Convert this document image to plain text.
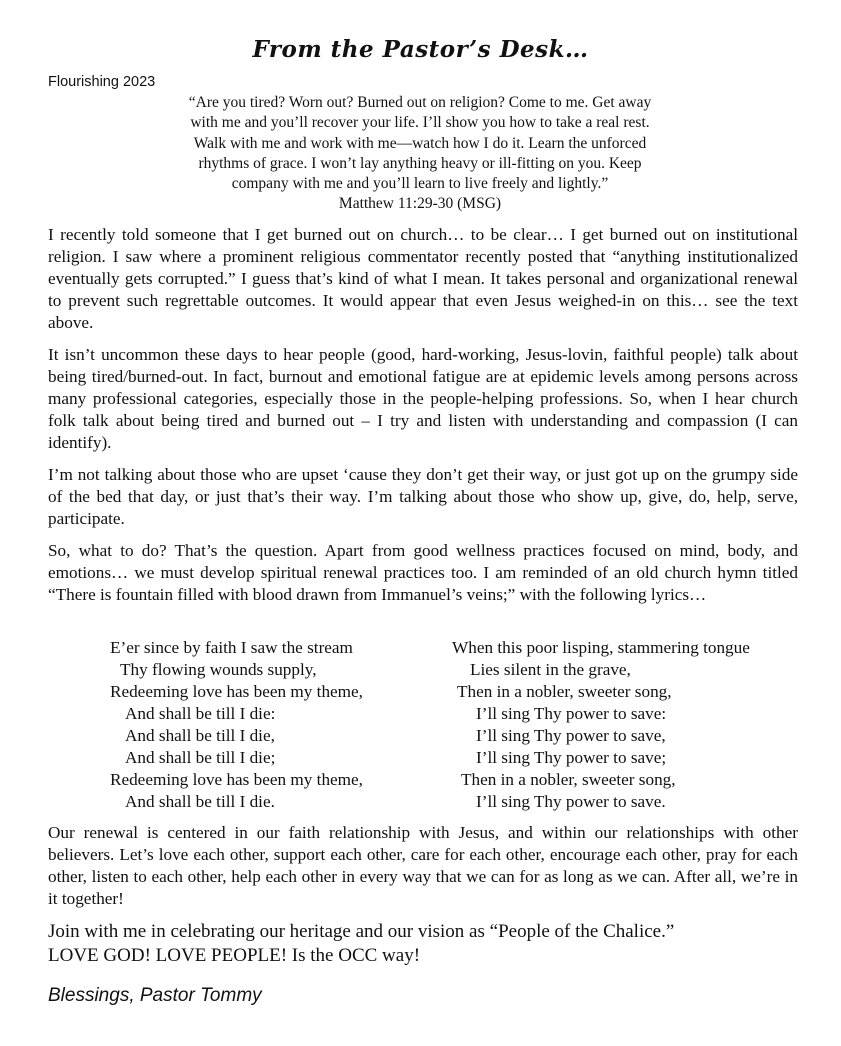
From the Pastor’s Desk…
Flourishing 2023
“Are you tired? Worn out? Burned out on religion? Come to me. Get away
with me and you’ll recover your life. I’ll show you how to take a real rest.
Walk with me and work with me—watch how I do it. Learn the unforced
rhythms of grace. I won’t lay anything heavy or ill-fitting on you. Keep
company with me and you’ll learn to live freely and lightly.”
Matthew 11:29-30 (MSG)
I recently told someone that I get burned out on church… to be clear… I get burned out on institutional religion. I saw where a prominent religious commentator recently posted that “anything institutionalized eventually gets corrupted.” I guess that’s kind of what I mean. It takes personal and organizational renewal to prevent such regrettable outcomes. It would appear that even Jesus weighed-in on this… see the text above.
It isn’t uncommon these days to hear people (good, hard-working, Jesus-lovin, faithful people) talk about being tired/burned-out. In fact, burnout and emotional fatigue are at epidemic levels among persons across many professional categories, especially those in the people-helping professions. So, when I hear church folk talk about being tired and burned out – I try and listen with understanding and compassion (I can identify).
I’m not talking about those who are upset ‘cause they don’t get their way, or just got up on the grumpy side of the bed that day, or just that’s their way. I’m talking about those who show up, give, do, help, serve, participate.
So, what to do? That’s the question. Apart from good wellness practices focused on mind, body, and emotions… we must develop spiritual renewal practices too. I am reminded of an old church hymn titled “There is fountain filled with blood drawn from Immanuel’s veins;” with the following lyrics…
E’er since by faith I saw the stream
Thy flowing wounds supply,
Redeeming love has been my theme,
And shall be till I die:
And shall be till I die,
And shall be till I die;
Redeeming love has been my theme,
And shall be till I die.
When this poor lisping, stammering tongue
Lies silent in the grave,
Then in a nobler, sweeter song,
I’ll sing Thy power to save:
I’ll sing Thy power to save,
I’ll sing Thy power to save;
Then in a nobler, sweeter song,
I’ll sing Thy power to save.
Our renewal is centered in our faith relationship with Jesus, and within our relationships with other believers. Let’s love each other, support each other, care for each other, encourage each other, pray for each other, listen to each other, help each other in every way that we can for as long as we can. After all, we’re in it together!
Join with me in celebrating our heritage and our vision as “People of the Chalice.”
LOVE GOD! LOVE PEOPLE! Is the OCC way!
Blessings, Pastor Tommy
